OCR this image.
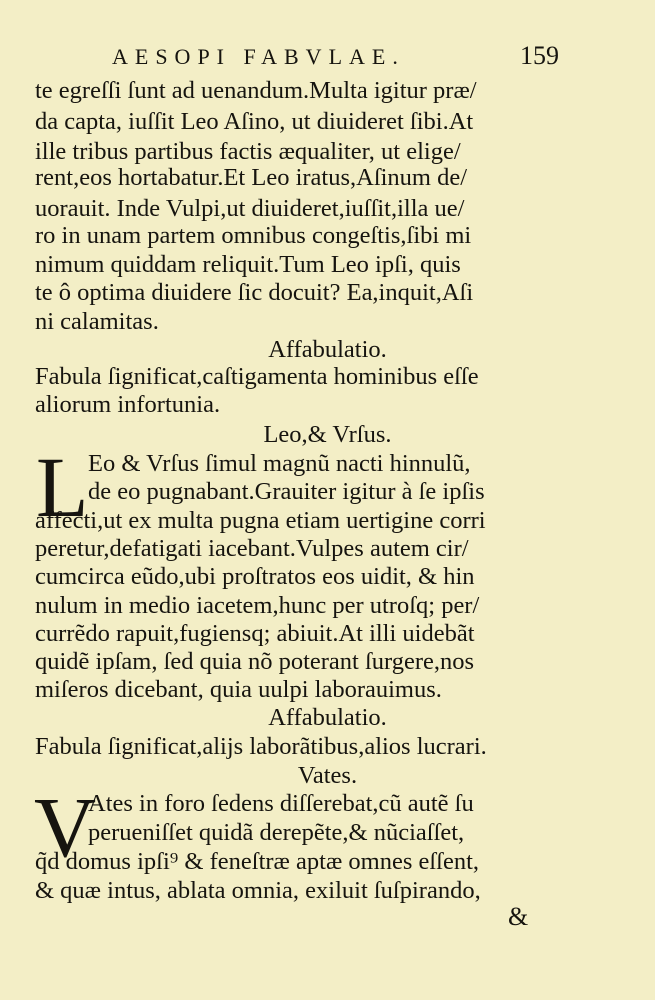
AESOPI FABVLAE.	159
te egreſſi ſunt ad uenandum.Multa igitur præ/
da capta, iuſſit Leo Aſino, ut diuideret ſibi.At
ille tribus partibus factis æqualiter, ut elige/
rent,eos hortabatur.Et Leo iratus,Aſinum de/
uorauit. Inde Vulpi,ut diuideret,iuſſit,illa ue/
ro in unam partem omnibus congeſtis,ſibi mi
nimum quiddam reliquit.Tum Leo ipſi, quis
te ô optima diuidere ſic docuit? Ea,inquit,Aſi
ni calamitas.
Affabulatio.
Fabula ſignificat,caſtigamenta hominibus eſſe
aliorum infortunia.
Leo,& Vrſus.
L Eo & Vrſus ſimul magnũ nacti hinnulũ,
de eo pugnabant.Grauiter igitur à ſe ipſis
affecti,ut ex multa pugna etiam uertigine corri
peretur,defatigati iacebant.Vulpes autem cir/
cumcirca eũdo,ubi proſtratos eos uidit, & hin
nulum in medio iacetem,hunc per utroſq; per/
currẽdo rapuit,fugiensq; abiuit.At illi uidebãt
quidẽ ipſam, ſed quia nõ poterant ſurgere,nos
miſeros dicebant, quia uulpi laborauimus.
Affabulatio.
Fabula ſignificat,alijs laborãtibus,alios lucrari.
Vates.
V
Ates in foro ſedens diſſerebat,cũ autẽ ſu
perueniſſet quidã derepẽte,& nũciaſſet,
q̃d domus ipſi⁹ & feneſtræ aptæ omnes eſſent,
& quæ intus, ablata omnia, exiluit ſuſpirando,
&
